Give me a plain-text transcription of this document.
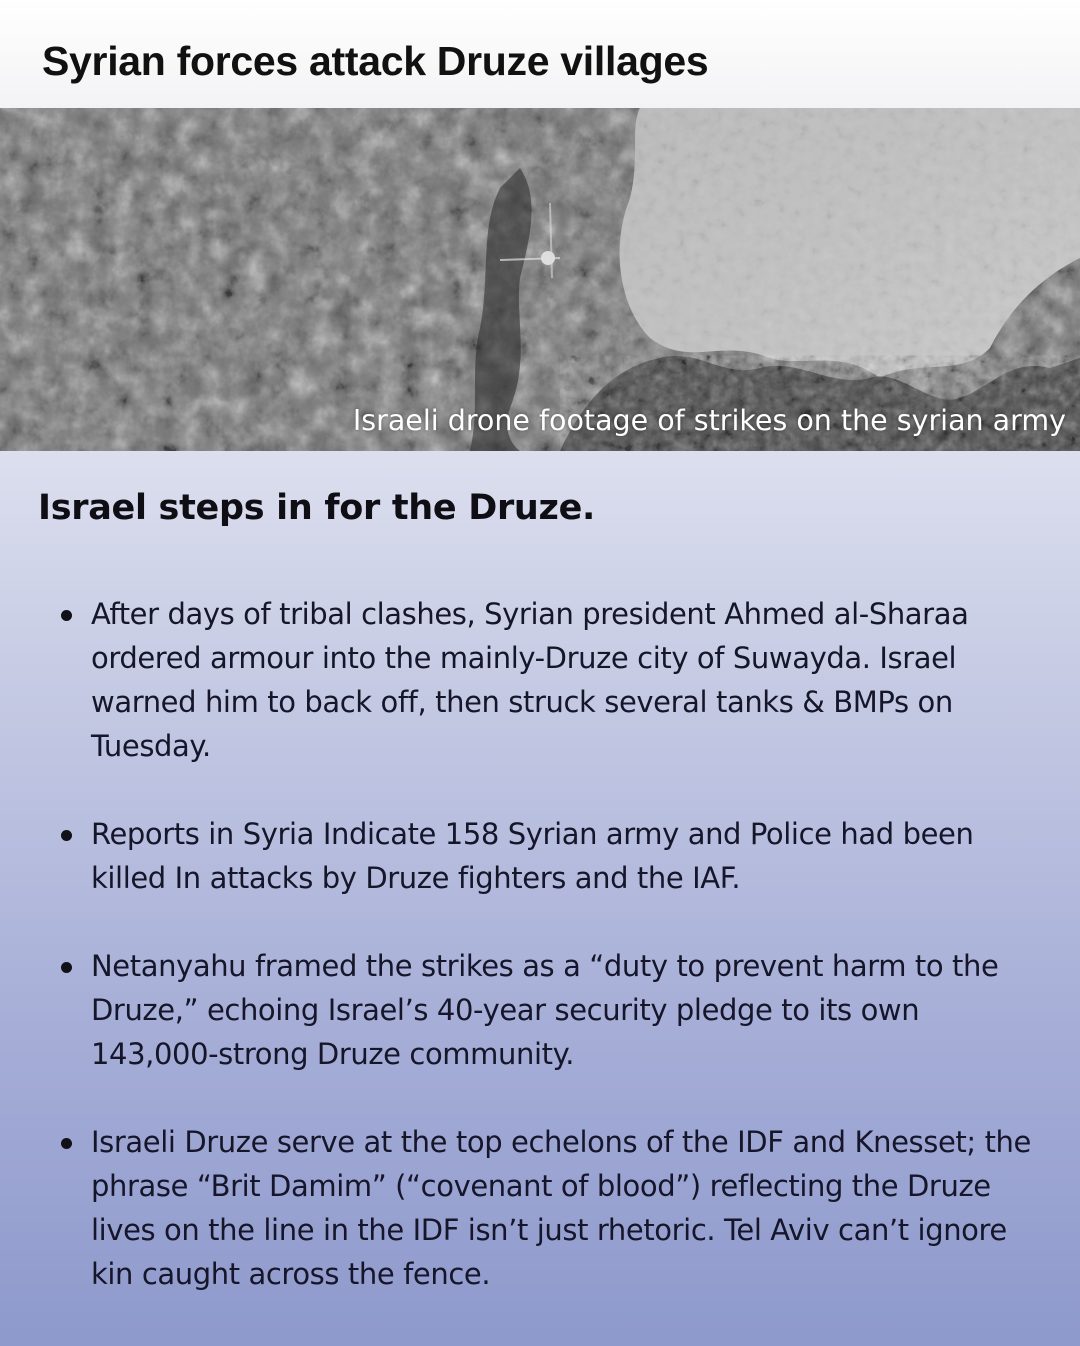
Syrian forces attack Druze villages
Israeli drone footage of strikes on the syrian army
Israel steps in for the Druze.
After days of tribal clashes, Syrian president Ahmed al-Sharaa ordered armour into the mainly-Druze city of Suwayda. Israel warned him to back off, then struck several tanks & BMPs on Tuesday.
Reports in Syria Indicate 158 Syrian army and Police had been killed In attacks by Druze fighters and the IAF.
Netanyahu framed the strikes as a “duty to prevent harm to the Druze,” echoing Israel’s 40-year security pledge to its own 143,000-strong Druze community.
Israeli Druze serve at the top echelons of the IDF and Knesset; the phrase “Brit Damim” (“covenant of blood”) reflecting the Druze lives on the line in the IDF isn’t just rhetoric. Tel Aviv can’t ignore kin caught across the fence.
